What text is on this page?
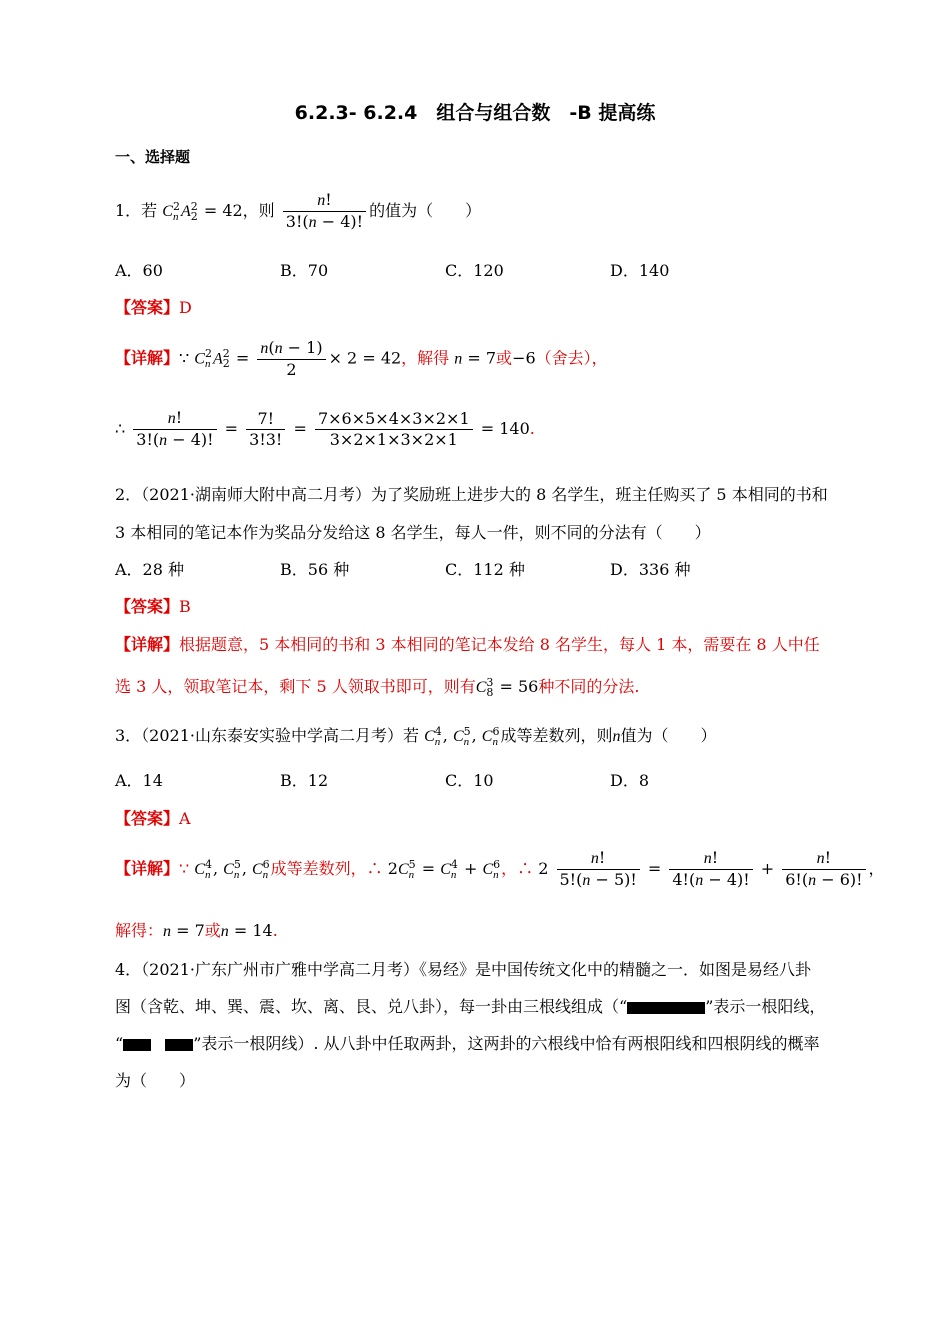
6.2.3- 6.2.4　组合与组合数　-B 提高练
一、选择题
1．若 C 2
n A 2
2 = 42，则 $\frac{n!}{3!(n - 4)!}$ 的值为（　　）
A．60	B．70	C．120	D．140
【答案】D
【详解】∵ C 2
n A 2
$2 = \frac{n(n - 1)}{2} \times 2 = 42$，解得 n = 7或−6（舍去），
∴ $\frac{n!}{3!(n - 4)!} = \frac{7!}{3!3!} = \frac{7\times 6\times 5\times 4\times 3\times 2\times 1}{3\times 2\times 1\times 3\times 2\times 1} = 140$.
2．（2021·湖南师大附中高二月考）为了奖励班上进步大的 8 名学生，班主任购买了 5 本相同的书和
3 本相同的笔记本作为奖品分发给这 8 名学生，每人一件，则不同的分法有（　　）
A．28 种	B．56 种	C．112 种	D．336 种
【答案】B
【详解】根据题意，5 本相同的书和 3 本相同的笔记本发给 8 名学生，每人 1 本，需要在 8 人中任
选 3 人，领取笔记本，剩下 5 人领取书即可，则有C 3
8 = 56种不同的分法.
3．（2021·山东泰安实验中学高二月考）若 C 4
n , C 5
n , C 6
n 成等差数列，则n值为（　　）
A．14	B．12	C．10	D．8
【答案】A
【详解】∵ C 4
n , C 5
n , C 6
n 成等差数列，∴ 2C 5
n = C 4
n + C 6
n ，∴ $2 \frac{n!}{5!(n - 5)!} = \frac{n!}{4!(n - 4)!} + \frac{n!}{6!(n - 6)!}$ ，
解得：n = 7或n = 14.
4．（2021·广东广州市广雅中学高二月考）《易经》是中国传统文化中的精髓之一．如图是易经八卦
图（含乾、坤、巽、震、坎、离、艮、兑八卦），每一卦由三根线组成（“	”表示一根阳线，
“	”表示一根阴线）. 从八卦中任取两卦，这两卦的六根线中恰有两根阳线和四根阴线的概率
为（　　）
